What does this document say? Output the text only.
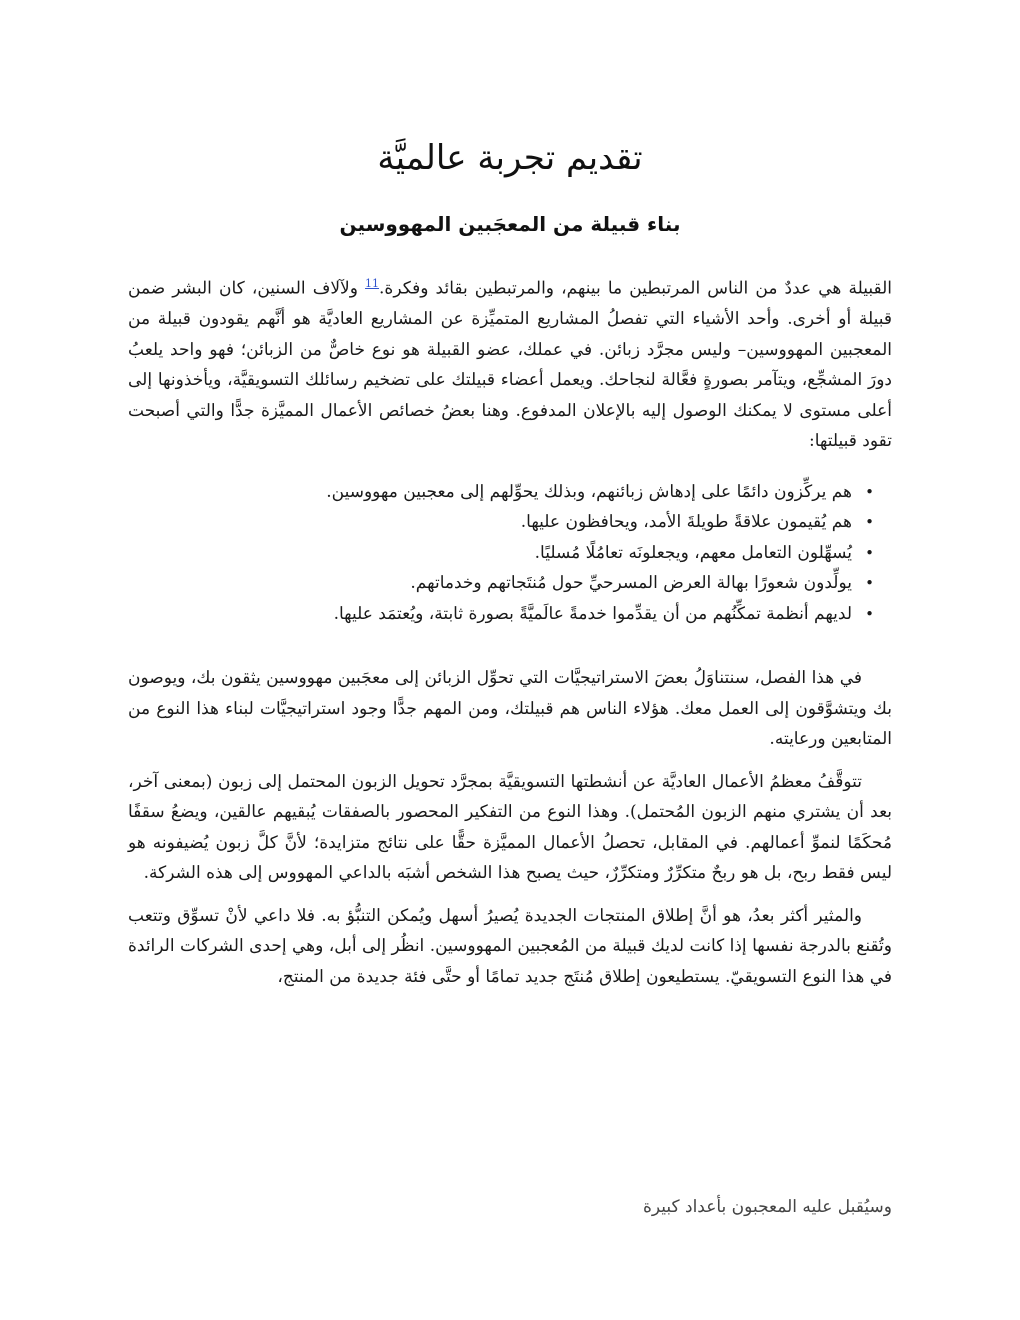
تقديم تجربة عالميَّة
بناء قبيلة من المعجَبين المهووسين

القبيلة هي عددٌ من الناس المرتبطين ما بينهم، والمرتبطين بقائد وفكرة.$^{11}$ ولآلاف السنين، كان البشر ضمن قبيلة أو أخرى. وأحد الأشياء التي تفصلُ المشاريع المتميِّزة عن المشاريع العاديَّة هو أنَّهم يقودون قبيلة من المعجبين المهووسين– وليس مجرَّد زبائن. في عملك، عضو القبيلة هو نوع خاصٌّ من الزبائن؛ فهو واحد يلعبُ دورَ المشجِّع، ويتآمر بصورةٍ فعَّالة لنجاحك. ويعمل أعضاء قبيلتك على تضخيم رسائلك التسويقيَّة، ويأخذونها إلى أعلى مستوى لا يمكنك الوصول إليه بالإعلان المدفوع. وهنا بعضُ خصائص الأعمال المميَّزة جدًّا والتي أصبحت تقود قبيلتها:

•
هم يركِّزون دائمًا على إدهاش زبائنهم، وبذلك يحوِّلهم إلى معجبين مهووسين.
•
هم يُقيمون علاقةً طويلةَ الأمد، ويحافظون عليها.
•
يُسهِّلون التعامل معهم، ويجعلونَه تعامُلًا مُسليًا.
•
يولِّدون شعورًا بهالة العرض المسرحيِّ حول مُنتَجاتهم وخدماتهم.
•
لديهم أنظمة تمكِّنُهم من أن يقدِّموا خدمةً عالَميَّةً بصورة ثابتة، ويُعتمَد عليها.

في هذا الفصل، سنتناوَلُ بعضَ الاستراتيجيَّات التي تحوِّل الزبائن إلى معجَبين مهووسين يثقون بك، ويوصون بك ويتشوَّقون إلى العمل معك. هؤلاء الناس هم قبيلتك، ومن المهم جدًّا وجود استراتيجيَّات لبناء هذا النوع من المتابعين ورعايته.

تتوقَّفُ معظمُ الأعمال العاديَّة عن أنشطتها التسويقيَّة بمجرَّد تحويل الزبون المحتمل إلى زبون (بمعنى آخر، بعد أن يشتري منهم الزبون المُحتمل). وهذا النوع من التفكير المحصور بالصفقات يُبقيهم عالقين، ويضعُ سقفًا مُحكَمًا لنموِّ أعمالهم. في المقابل، تحصلُ الأعمال المميَّزة حقًّا على نتائج متزايدة؛ لأنَّ كلَّ زبون يُضيفونه هو ليس فقط ربح، بل هو ربحٌ متكرِّرٌ ومتكرِّرٌ، حيث يصبح هذا الشخص أشبَه بالداعي المهووس إلى هذه الشركة.

والمثير أكثر بعدُ، هو أنَّ إطلاق المنتجات الجديدة يُصيرُ أسهل ويُمكن التنبُّؤ به. فلا داعي لأنْ تسوِّق وتتعب وتُقنع بالدرجة نفسها إذا كانت لديك قبيلة من المُعجبين المهووسين. انظُر إلى أبل، وهي إحدى الشركات الرائدة في هذا النوع التسويقيّ. يستطيعون إطلاق مُنتَج جديد تمامًا أو حتَّى فئة جديدة من المنتج،

وسيُقبل عليه المعجبون بأعداد كبيرة
